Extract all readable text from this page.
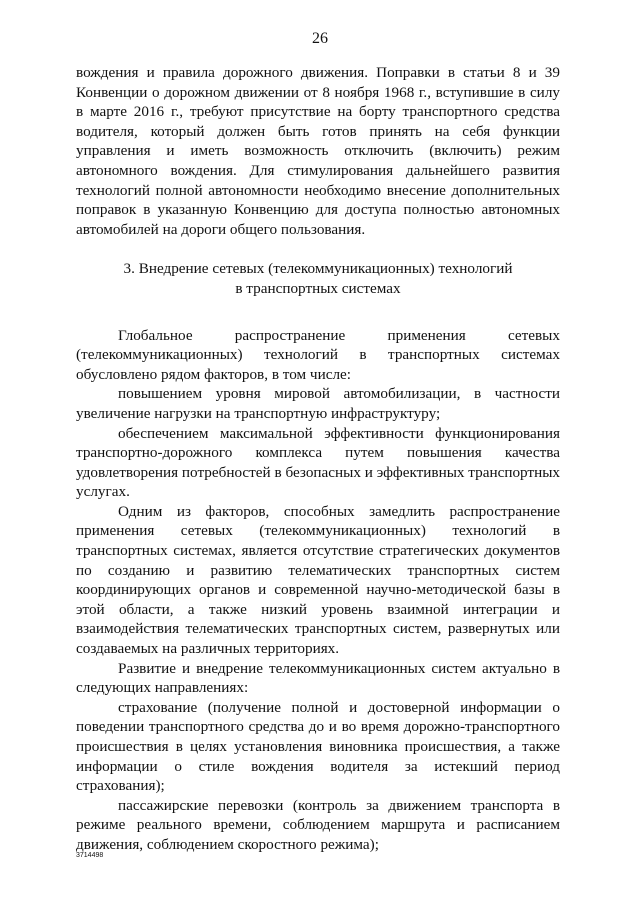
26

вождения и правила дорожного движения. Поправки в статьи 8 и 39 Конвенции о дорожном движении от 8 ноября 1968 г., вступившие в силу в марте 2016 г., требуют присутствие на борту транспортного средства водителя, который должен быть готов принять на себя функции управления и иметь возможность отключить (включить) режим автономного вождения. Для стимулирования дальнейшего развития технологий полной автономности необходимо внесение дополнительных поправок в указанную Конвенцию для доступа полностью автономных автомобилей на дороги общего пользования.

3. Внедрение сетевых (телекоммуникационных) технологий
в транспортных системах

Глобальное распространение применения сетевых (телекоммуникационных) технологий в транспортных системах обусловлено рядом факторов, в том числе:

повышением уровня мировой автомобилизации, в частности увеличение нагрузки на транспортную инфраструктуру;

обеспечением максимальной эффективности функционирования транспортно-дорожного комплекса путем повышения качества удовлетворения потребностей в безопасных и эффективных транспортных услугах.

Одним из факторов, способных замедлить распространение применения сетевых (телекоммуникационных) технологий в транспортных системах, является отсутствие стратегических документов по созданию и развитию телематических транспортных систем координирующих органов и современной научно-методической базы в этой области, а также низкий уровень взаимной интеграции и взаимодействия телематических транспортных систем, развернутых или создаваемых на различных территориях.

Развитие и внедрение телекоммуникационных систем актуально в следующих направлениях:

страхование (получение полной и достоверной информации о поведении транспортного средства до и во время дорожно-транспортного происшествия в целях установления виновника происшествия, а также информации о стиле вождения водителя за истекший период страхования);

пассажирские перевозки (контроль за движением транспорта в режиме реального времени, соблюдением маршрута и расписанием движения, соблюдением скоростного режима);

3714498
